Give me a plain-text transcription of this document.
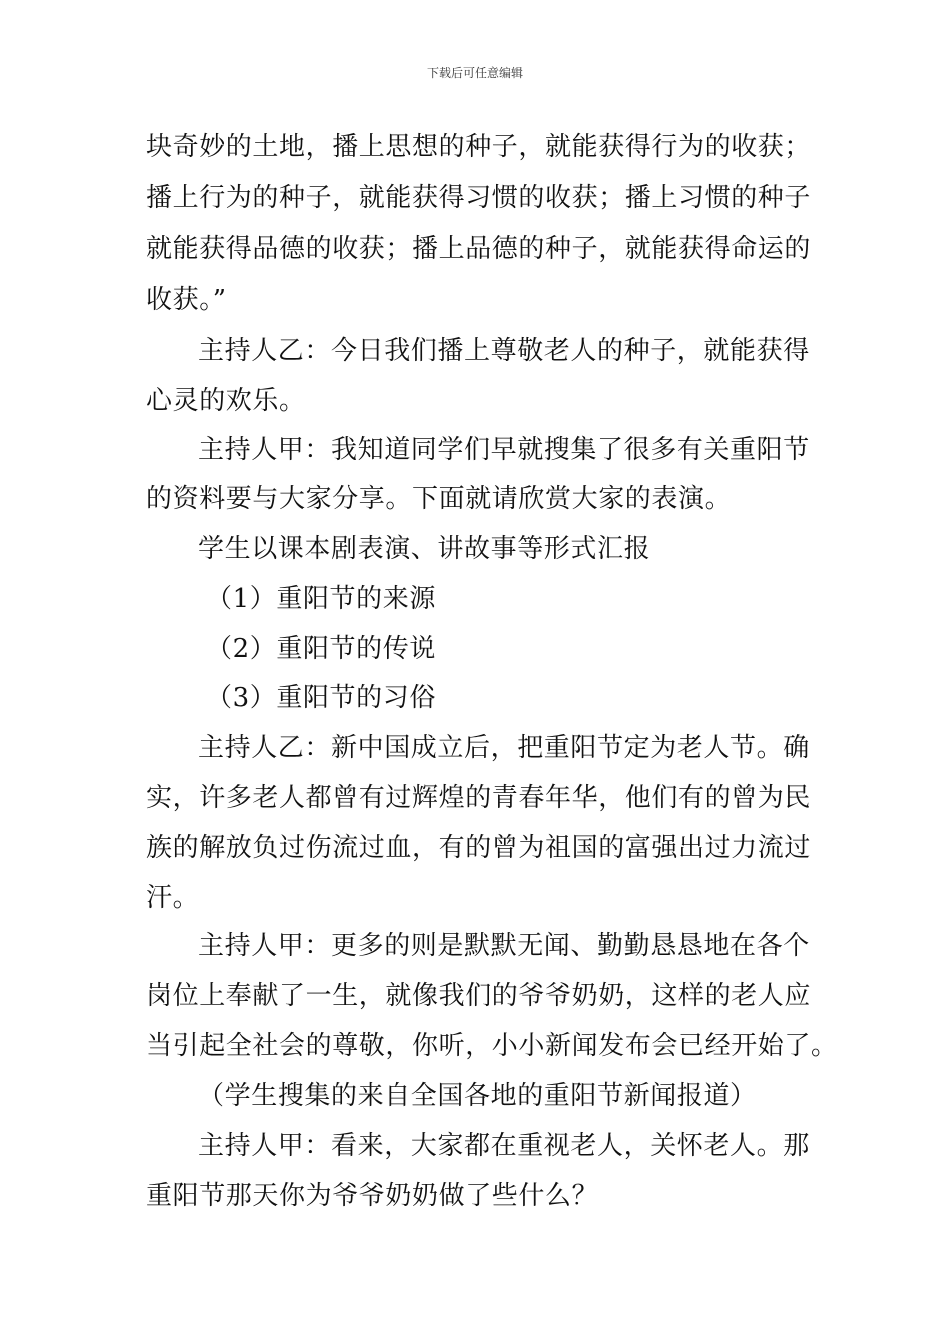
下载后可任意编辑
块奇妙的土地，播上思想的种子，就能获得行为的收获；
播上行为的种子，就能获得习惯的收获；播上习惯的种子
就能获得品德的收获；播上品德的种子，就能获得命运的
收获。”
主持人乙：今日我们播上尊敬老人的种子，就能获得
心灵的欢乐。
主持人甲：我知道同学们早就搜集了很多有关重阳节
的资料要与大家分享。下面就请欣赏大家的表演。
学生以课本剧表演、讲故事等形式汇报
（1）重阳节的来源
（2）重阳节的传说
（3）重阳节的习俗
主持人乙：新中国成立后，把重阳节定为老人节。确
实，许多老人都曾有过辉煌的青春年华，他们有的曾为民
族的解放负过伤流过血，有的曾为祖国的富强出过力流过
汗。
主持人甲：更多的则是默默无闻、勤勤恳恳地在各个
岗位上奉献了一生，就像我们的爷爷奶奶，这样的老人应
当引起全社会的尊敬，你听，小小新闻发布会已经开始了。
（学生搜集的来自全国各地的重阳节新闻报道）
主持人甲：看来，大家都在重视老人，关怀老人。那
重阳节那天你为爷爷奶奶做了些什么？
